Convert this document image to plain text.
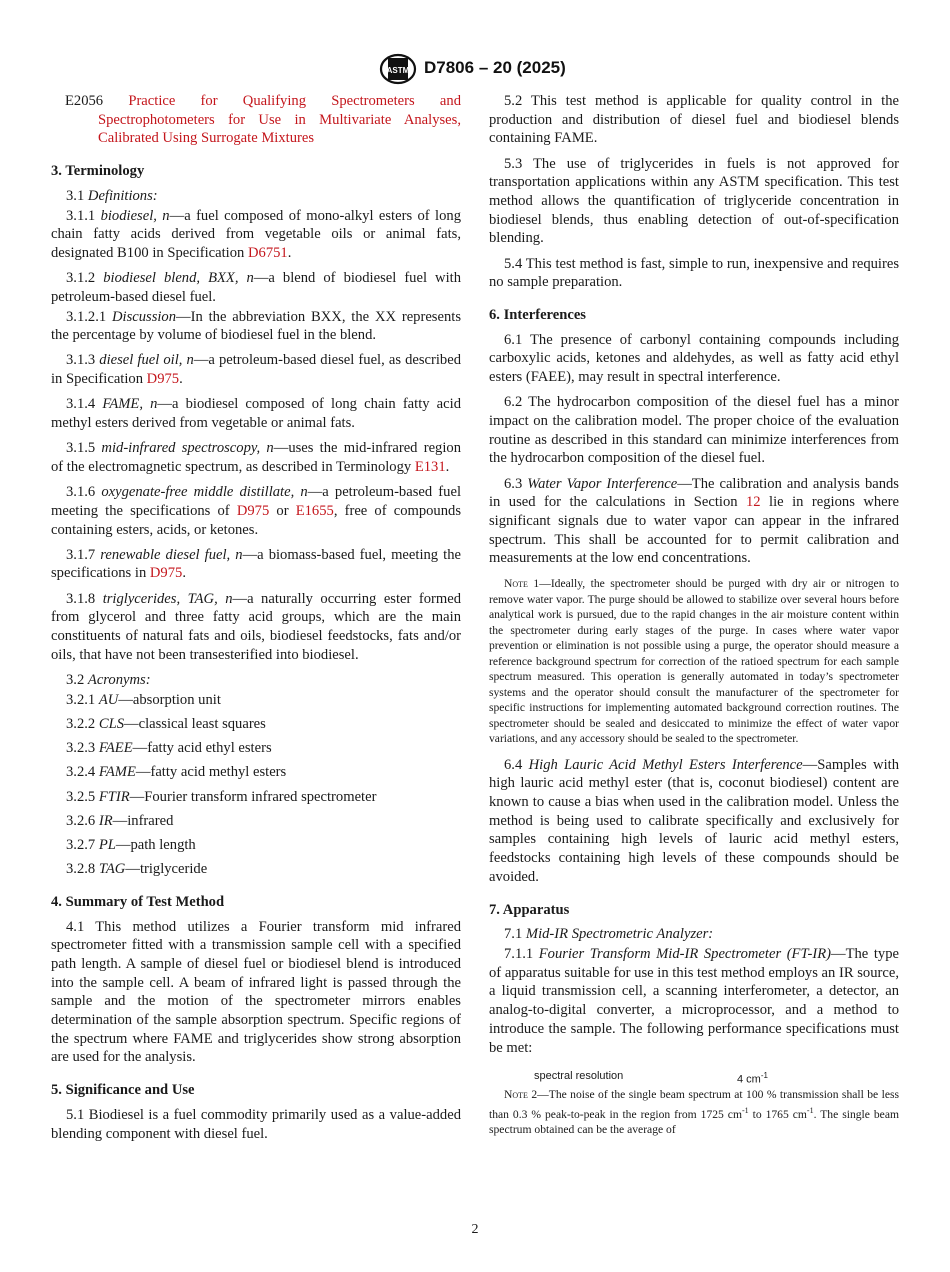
ASTM D7806 – 20 (2025)

E2056 Practice for Qualifying Spectrometers and Spectrophotometers for Use in Multivariate Analyses, Calibrated Using Surrogate Mixtures

3. Terminology

3.1 Definitions:

3.1.1 biodiesel, n—a fuel composed of mono-alkyl esters of long chain fatty acids derived from vegetable oils or animal fats, designated B100 in Specification D6751.

3.1.2 biodiesel blend, BXX, n—a blend of biodiesel fuel with petroleum-based diesel fuel.

3.1.2.1 Discussion—In the abbreviation BXX, the XX represents the percentage by volume of biodiesel fuel in the blend.

3.1.3 diesel fuel oil, n—a petroleum-based diesel fuel, as described in Specification D975.

3.1.4 FAME, n—a biodiesel composed of long chain fatty acid methyl esters derived from vegetable or animal fats.

3.1.5 mid-infrared spectroscopy, n—uses the mid-infrared region of the electromagnetic spectrum, as described in Terminology E131.

3.1.6 oxygenate-free middle distillate, n—a petroleum-based fuel meeting the specifications of D975 or E1655, free of compounds containing esters, acids, or ketones.

3.1.7 renewable diesel fuel, n—a biomass-based fuel, meeting the specifications in D975.

3.1.8 triglycerides, TAG, n—a naturally occurring ester formed from glycerol and three fatty acid groups, which are the main constituents of natural fats and oils, biodiesel feedstocks, fats and/or oils, that have not been transesterified into biodiesel.

3.2 Acronyms:

3.2.1 AU—absorption unit

3.2.2 CLS—classical least squares

3.2.3 FAEE—fatty acid ethyl esters

3.2.4 FAME—fatty acid methyl esters

3.2.5 FTIR—Fourier transform infrared spectrometer

3.2.6 IR—infrared

3.2.7 PL—path length

3.2.8 TAG—triglyceride

4. Summary of Test Method

4.1 This method utilizes a Fourier transform mid infrared spectrometer fitted with a transmission sample cell with a specified path length. A sample of diesel fuel or biodiesel blend is introduced into the sample cell. A beam of infrared light is passed through the sample and the motion of the spectrometer mirrors enables determination of the sample absorption spectrum. Specific regions of the spectrum where FAME and triglycerides show strong absorption are used for the analysis.

5. Significance and Use

5.1 Biodiesel is a fuel commodity primarily used as a value-added blending component with diesel fuel.

5.2 This test method is applicable for quality control in the production and distribution of diesel fuel and biodiesel blends containing FAME.

5.3 The use of triglycerides in fuels is not approved for transportation applications within any ASTM specification. This test method allows the quantification of triglyceride concentration in biodiesel blends, thus enabling detection of out-of-specification blending.

5.4 This test method is fast, simple to run, inexpensive and requires no sample preparation.

6. Interferences

6.1 The presence of carbonyl containing compounds including carboxylic acids, ketones and aldehydes, as well as fatty acid ethyl esters (FAEE), may result in spectral interference.

6.2 The hydrocarbon composition of the diesel fuel has a minor impact on the calibration model. The proper choice of the evaluation routine as described in this standard can minimize interferences from the hydrocarbon composition of the diesel fuel.

6.3 Water Vapor Interference—The calibration and analysis bands in used for the calculations in Section 12 lie in regions where significant signals due to water vapor can appear in the infrared spectrum. This shall be accounted for to permit calibration and measurements at the low end concentrations.

Note 1—Ideally, the spectrometer should be purged with dry air or nitrogen to remove water vapor. The purge should be allowed to stabilize over several hours before analytical work is pursued, due to the rapid changes in the air moisture content within the spectrometer during early stages of the purge. In cases where water vapor prevention or elimination is not possible using a purge, the operator should measure a reference background spectrum for correction of the ratioed spectrum for each sample spectrum measured. This operation is generally automated in today’s spectrometer systems and the operator should consult the manufacturer of the spectrometer for specific instructions for implementing automated background correction routines. The spectrometer should be sealed and desiccated to minimize the effect of water vapor variations, and any accessory should be sealed to the spectrometer.

6.4 High Lauric Acid Methyl Esters Interference—Samples with high lauric acid methyl ester (that is, coconut biodiesel) content are known to cause a bias when used in the calibration model. Unless the method is being used to calibrate specifically and exclusively for samples containing high levels of lauric acid methyl esters, feedstocks containing high levels of these compounds should be avoided.

7. Apparatus

7.1 Mid-IR Spectrometric Analyzer:

7.1.1 Fourier Transform Mid-IR Spectrometer (FT-IR)—The type of apparatus suitable for use in this test method employs an IR source, a liquid transmission cell, a scanning interferometer, a detector, an analog-to-digital converter, a microprocessor, and a method to introduce the sample. The following performance specifications must be met:

spectral resolution	4 $cm^{-1}$

Note 2—The noise of the single beam spectrum at 100 % transmission shall be less than 0.3 % peak-to-peak in the region from 1725 $cm^{-1}$ to 1765 $cm^{-1}$. The single beam spectrum obtained can be the average of

2
